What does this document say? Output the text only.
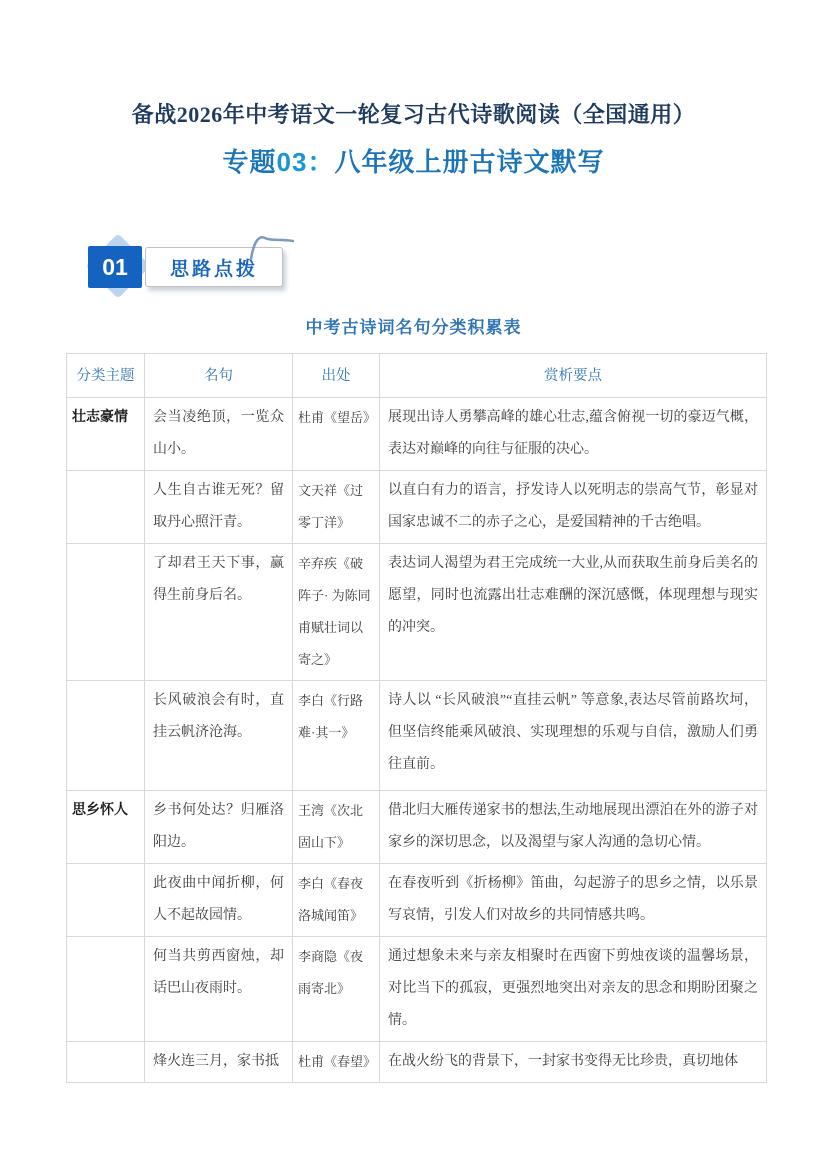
备战2026年中考语文一轮复习古代诗歌阅读（全国通用）
专题03：八年级上册古诗文默写
01	思路点拨
中考古诗词名句分类积累表
分类主题	名句	出处	赏析要点
壮志豪情	会当凌绝顶，一览众山小。	杜甫《望岳》	展现出诗人勇攀高峰的雄心壮志,蕴含俯视一切的豪迈气概，表达对巅峰的向往与征服的决心。
	人生自古谁无死？留取丹心照汗青。	文天祥《过零丁洋》	以直白有力的语言，抒发诗人以死明志的崇高气节，彰显对国家忠诚不二的赤子之心，是爱国精神的千古绝唱。
	了却君王天下事，赢得生前身后名。	辛弃疾《破阵子· 为陈同甫赋壮词以寄之》	表达词人渴望为君王完成统一大业,从而获取生前身后美名的愿望，同时也流露出壮志难酬的深沉感慨，体现理想与现实的冲突。
	长风破浪会有时，直挂云帆济沧海。	李白《行路难·其一》	诗人以 “长风破浪”“直挂云帆” 等意象,表达尽管前路坎坷，但坚信终能乘风破浪、实现理想的乐观与自信，激励人们勇往直前。
思乡怀人	乡书何处达？归雁洛阳边。	王湾《次北固山下》	借北归大雁传递家书的想法,生动地展现出漂泊在外的游子对家乡的深切思念，以及渴望与家人沟通的急切心情。
	此夜曲中闻折柳，何人不起故园情。	李白《春夜洛城闻笛》	在春夜听到《折杨柳》笛曲，勾起游子的思乡之情，以乐景写哀情，引发人们对故乡的共同情感共鸣。
	何当共剪西窗烛，却话巴山夜雨时。	李商隐《夜雨寄北》	通过想象未来与亲友相聚时在西窗下剪烛夜谈的温馨场景，对比当下的孤寂，更强烈地突出对亲友的思念和期盼团聚之情。
	烽火连三月，家书抵	杜甫《春望》	在战火纷飞的背景下，一封家书变得无比珍贵，真切地体
